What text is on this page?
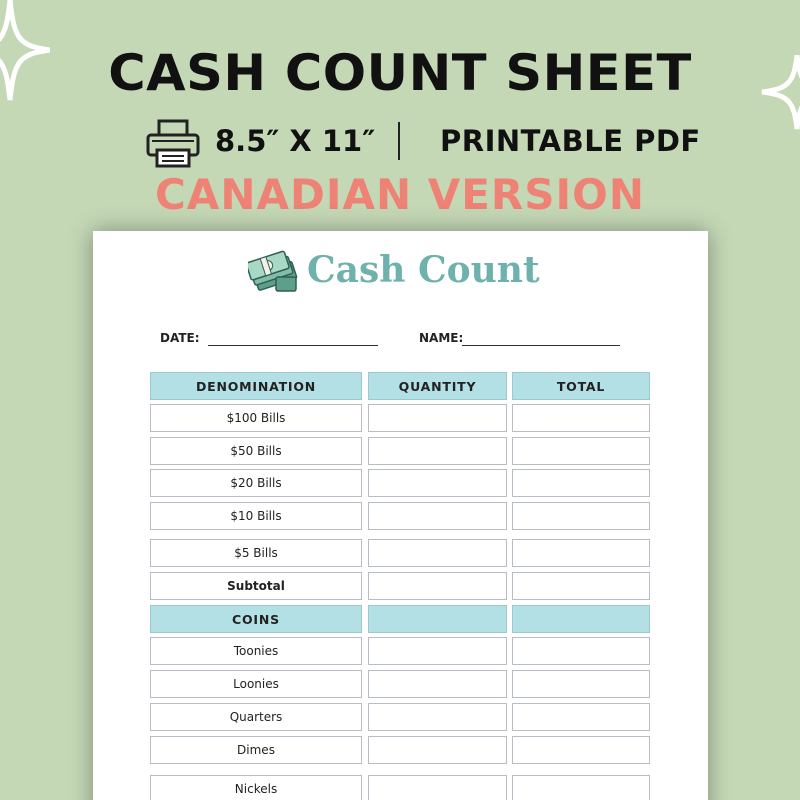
CASH COUNT SHEET
8.5″ X 11″ PRINTABLE PDF
CANADIAN VERSION
Cash Count
DATE:	NAME:
DENOMINATION	QUANTITY	TOTAL
$100 Bills
$50 Bills
$20 Bills
$10 Bills
$5 Bills
Subtotal
COINS
Toonies
Loonies
Quarters
Dimes
Nickels
